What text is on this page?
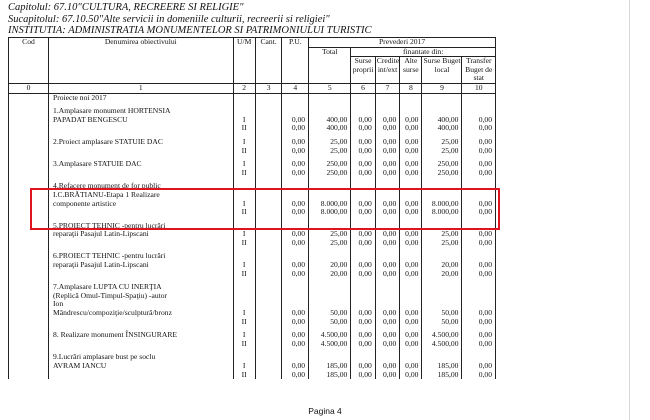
Capitolul: 67.10"CULTURA, RECREERE SI RELIGIE"
Sucapitolul: 67.10.50"Alte servicii in domeniile culturii, recreerii si religiei"
INSTITUTIA: ADMINISTRATIA MONUMENTELOR SI PATRIMONIULUI TURISTIC
Cod	Denumirea obiectivului	U/M	Cant.	P.U.	Prevederi 2017					
					Total	finantate din:				
						Surse proprii	Credite int/ext	Alte surse	Surse Buget local	Transfer Buget de stat
0	1	2	3	4	5	6	7	8	9	10
	Proiecte noi 2017									

	1.Amplasare monument HORTENSIA									
	PAPADAT BENGESCU	I		0,00	400,00	0,00	0,00	0,00	400,00	0,00
		II		0,00	400,00	0,00	0,00	0,00	400,00	0,00

	2.Proiect amplasare STATUIE DAC	I		0,00	25,00	0,00	0,00	0,00	25,00	0,00
		II		0,00	25,00	0,00	0,00	0,00	25,00	0,00

	3.Amplasare STATUIE DAC	I		0,00	250,00	0,00	0,00	0,00	250,00	0,00
		II		0,00	250,00	0,00	0,00	0,00	250,00	0,00

	4.Refacere monument de for public									
	I.C.BRĂTIANU-Etapa 1 Realizare									
	componente artistice	I		0,00	8.000,00	0,00	0,00	0,00	8.000,00	0,00
		II		0,00	8.000,00	0,00	0,00	0,00	8.000,00	0,00

	5.PROIECT TEHNIC -pentru lucrări									
	reparaţii Pasajul Latin-Lipscani	I		0,00	25,00	0,00	0,00	0,00	25,00	0,00
		II		0,00	25,00	0,00	0,00	0,00	25,00	0,00

	6.PROIECT TEHNIC -pentru lucrări									
	reparaţii Pasajul Latin-Lipscani	I		0,00	20,00	0,00	0,00	0,00	20,00	0,00
		II		0,00	20,00	0,00	0,00	0,00	20,00	0,00

	7.Amplasare LUPTA CU INERŢIA									
	(Replică Omul-Timpul-Spaţiu) -autor									
	Ion									
	Mândrescu/compoziţie/sculptură/bronz	I		0,00	50,00	0,00	0,00	0,00	50,00	0,00
		II		0,00	50,00	0,00	0,00	0,00	50,00	0,00

	8. Realizare monument ÎNSINGURARE	I		0,00	4.500,00	0,00	0,00	0,00	4.500,00	0,00
		II		0,00	4.500,00	0,00	0,00	0,00	4.500,00	0,00

	9.Lucrări amplasare bust pe soclu									
	AVRAM IANCU	I		0,00	185,00	0,00	0,00	0,00	185,00	0,00
		II		0,00	185,00	0,00	0,00	0,00	185,00	0,00
Pagina 4
